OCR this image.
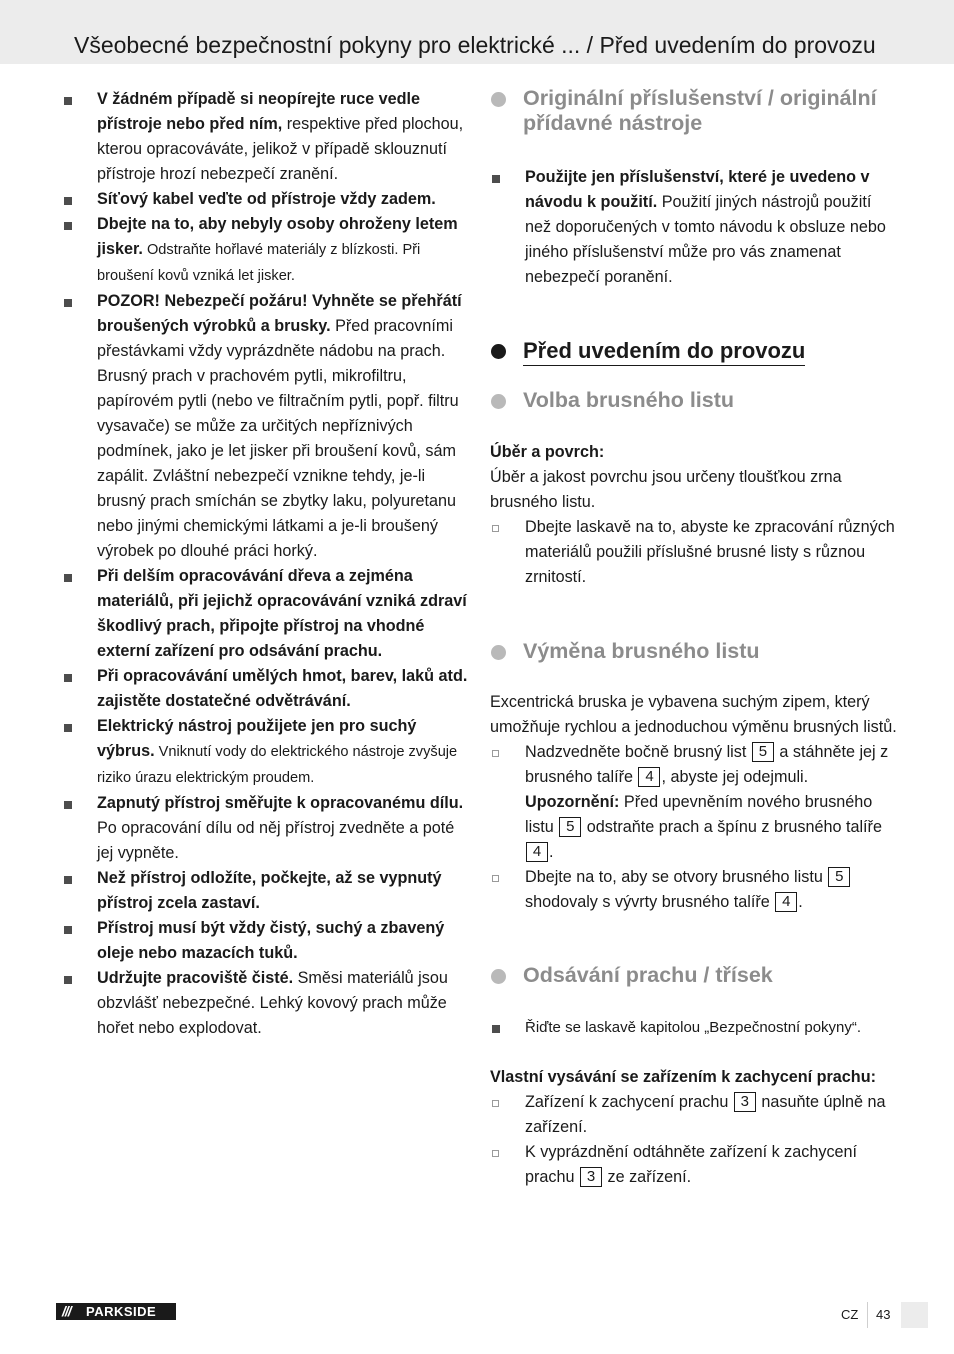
Všeobecné bezpečnostní pokyny pro elektrické ... / Před uvedením do provozu
V žádném případě si neopírejte ruce vedle přístroje nebo před ním, respektive před plochou, kterou opracováváte, jelikož v případě sklouznutí přístroje hrozí nebezpečí zranění.
Síťový kabel veďte od přístroje vždy zadem.
Dbejte na to, aby nebyly osoby ohroženy letem jisker. Odstraňte hořlavé materiály z blízkosti. Při broušení kovů vzniká let jisker.
POZOR! Nebezpečí požáru! Vyhněte se přehřátí broušených výrobků a brusky. Před pracovními přestávkami vždy vyprázdněte nádobu na prach. Brusný prach v prachovém pytli, mikrofiltru, papírovém pytli (nebo ve filtračním pytli, popř. filtru vysavače) se může za určitých nepříznivých podmínek, jako je let jisker při broušení kovů, sám zapálit. Zvláštní nebezpečí vznikne tehdy, je-li brusný prach smíchán se zbytky laku, polyuretanu nebo jinými chemickými látkami a je-li broušený výrobek po dlouhé práci horký.
Při delším opracovávání dřeva a zejména materiálů, při jejichž opracovávání vzniká zdraví škodlivý prach, připojte přístroj na vhodné externí zařízení pro odsávání prachu.
Při opracovávání umělých hmot, barev, laků atd. zajistěte dostatečné odvětrávání.
Elektrický nástroj použijete jen pro suchý výbrus. Vniknutí vody do elektrického nástroje zvyšuje riziko úrazu elektrickým proudem.
Zapnutý přístroj směřujte k opracovanému dílu. Po opracování dílu od něj přístroj zvedněte a poté jej vypněte.
Než přístroj odložíte, počkejte, až se vypnutý přístroj zcela zastaví.
Přístroj musí být vždy čistý, suchý a zbavený oleje nebo mazacích tuků.
Udržujte pracoviště čisté. Směsi materiálů jsou obzvlášť nebezpečné. Lehký kovový prach může hořet nebo explodovat.
Originální příslušenství / originální přídavné nástroje
Použijte jen příslušenství, které je uvedeno v návodu k použití. Použití jiných nástrojů použití než doporučených v tomto návodu k obsluze nebo jiného příslušenství může pro vás znamenat nebezpečí poranění.
Před uvedením do provozu
Volba brusného listu
Úběr a povrch:
Úběr a jakost povrchu jsou určeny tloušťkou zrna brusného listu.
Dbejte laskavě na to, abyste ke zpracování různých materiálů použili příslušné brusné listy s různou zrnitostí.
Výměna brusného listu
Excentrická bruska je vybavena suchým zipem, který umožňuje rychlou a jednoduchou výměnu brusných listů.
Nadzvedněte bočně brusný list 5 a stáhněte jej z brusného talíře 4 , abyste jej odejmuli.
Upozornění: Před upevněním nového brusného listu 5 odstraňte prach a špínu z brusného talíře 4 .
Dbejte na to, aby se otvory brusného listu 5 shodovaly s vývrty brusného talíře 4 .
Odsávání prachu / třísek
Řiďte se laskavě kapitolou „Bezpečnostní pokyny“.
Vlastní vysávání se zařízením k zachycení prachu:
Zařízení k zachycení prachu 3 nasuňte úplně na zařízení.
K vyprázdnění odtáhněte zařízení k zachycení prachu 3 ze zařízení.
/// PARKSIDE	CZ 43
